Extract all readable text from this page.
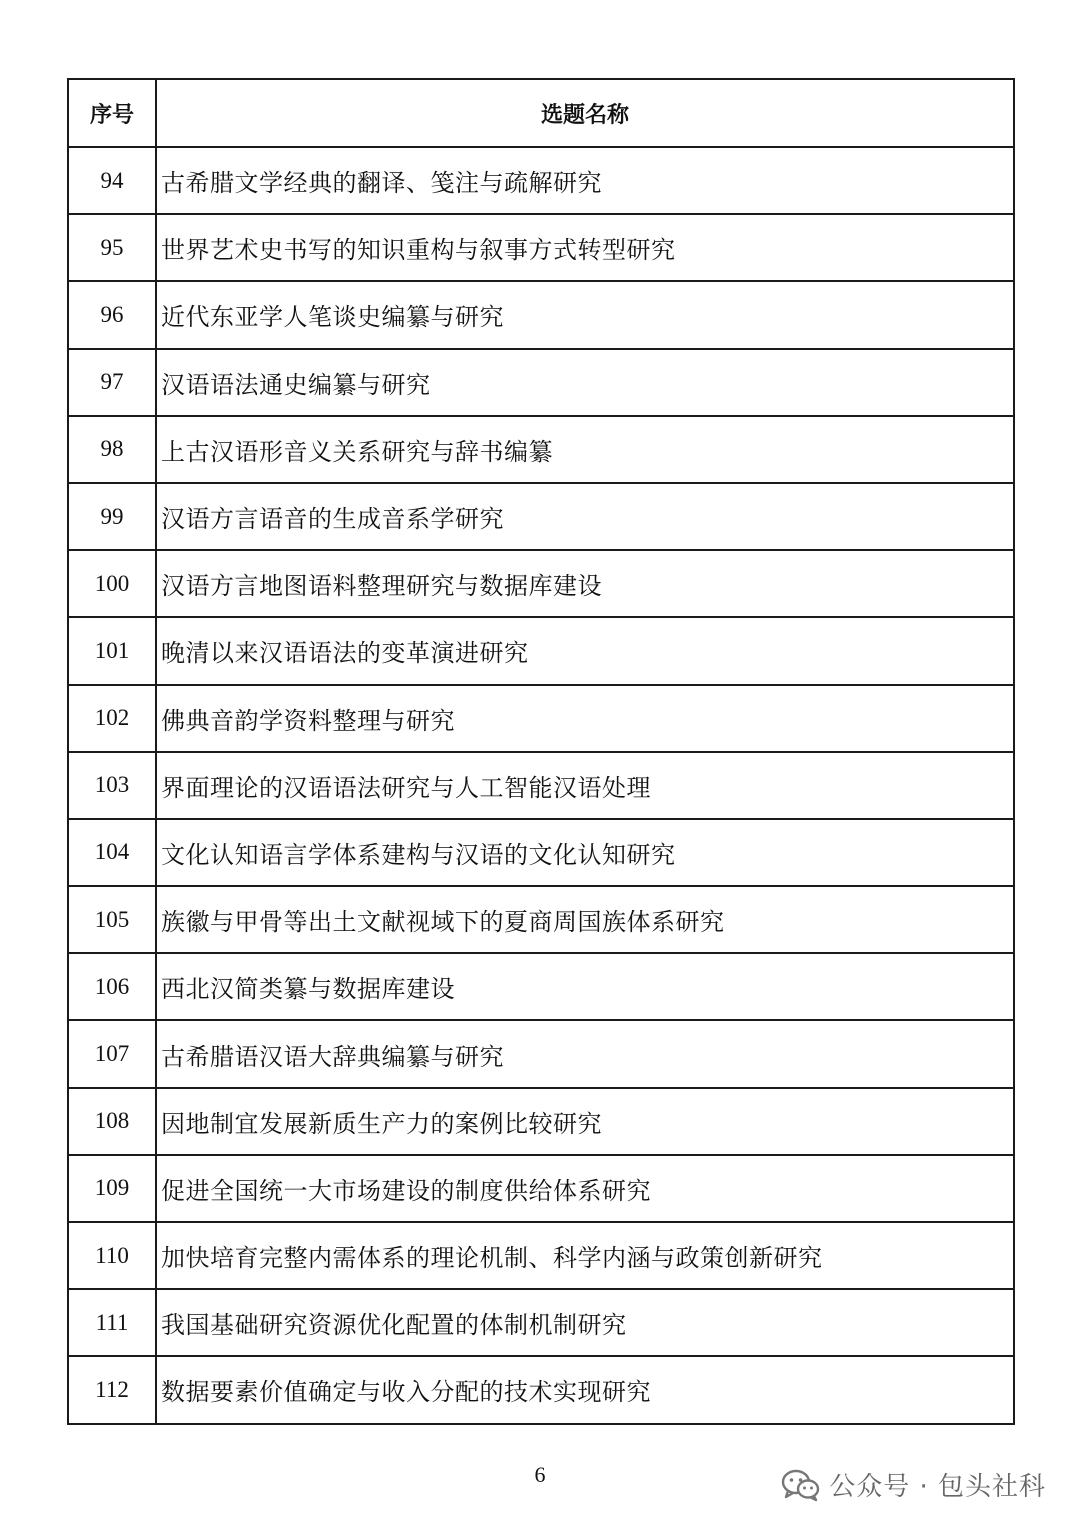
序号	选题名称
94	古希腊文学经典的翻译、笺注与疏解研究
95	世界艺术史书写的知识重构与叙事方式转型研究
96	近代东亚学人笔谈史编纂与研究
97	汉语语法通史编纂与研究
98	上古汉语形音义关系研究与辞书编纂
99	汉语方言语音的生成音系学研究
100	汉语方言地图语料整理研究与数据库建设
101	晚清以来汉语语法的变革演进研究
102	佛典音韵学资料整理与研究
103	界面理论的汉语语法研究与人工智能汉语处理
104	文化认知语言学体系建构与汉语的文化认知研究
105	族徽与甲骨等出土文献视域下的夏商周国族体系研究
106	西北汉简类纂与数据库建设
107	古希腊语汉语大辞典编纂与研究
108	因地制宜发展新质生产力的案例比较研究
109	促进全国统一大市场建设的制度供给体系研究
110	加快培育完整内需体系的理论机制、科学内涵与政策创新研究
111	我国基础研究资源优化配置的体制机制研究
112	数据要素价值确定与收入分配的技术实现研究
6	公众号 · 包头社科
